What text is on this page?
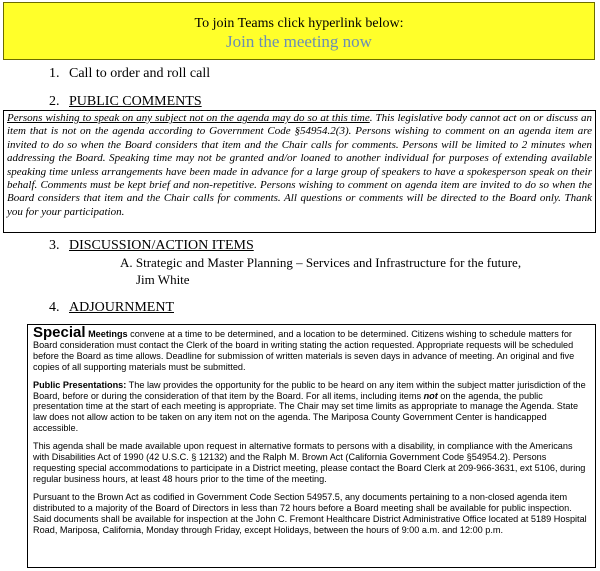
To join Teams click hyperlink below:
Join the meeting now
1. Call to order and roll call
2. PUBLIC COMMENTS
Persons wishing to speak on any subject not on the agenda may do so at this time. This legislative body cannot act on or discuss an item that is not on the agenda according to Government Code §54954.2(3). Persons wishing to comment on an agenda item are invited to do so when the Board considers that item and the Chair calls for comments. Persons will be limited to 2 minutes when addressing the Board. Speaking time may not be granted and/or loaned to another individual for purposes of extending available speaking time unless arrangements have been made in advance for a large group of speakers to have a spokesperson speak on their behalf. Comments must be kept brief and non-repetitive. Persons wishing to comment on agenda item are invited to do so when the Board considers that item and the Chair calls for comments. All questions or comments will be directed to the Board only. Thank you for your participation.
3. DISCUSSION/ACTION ITEMS
A. Strategic and Master Planning – Services and Infrastructure for the future,
Jim White
4. ADJOURNMENT

Special Meetings convene at a time to be determined, and a location to be determined. Citizens wishing to schedule matters for Board consideration must contact the Clerk of the board in writing stating the action requested. Appropriate requests will be scheduled before the Board as time allows. Deadline for submission of written materials is seven days in advance of meeting. An original and five copies of all supporting materials must be submitted.

Public Presentations: The law provides the opportunity for the public to be heard on any item within the subject matter jurisdiction of the Board, before or during the consideration of that item by the Board. For all items, including items not on the agenda, the public presentation time at the start of each meeting is appropriate. The Chair may set time limits as appropriate to manage the Agenda. State law does not allow action to be taken on any item not on the agenda. The Mariposa County Government Center is handicapped accessible.

This agenda shall be made available upon request in alternative formats to persons with a disability, in compliance with the Americans with Disabilities Act of 1990 (42 U.S.C. § 12132) and the Ralph M. Brown Act (California Government Code §54954.2). Persons requesting special accommodations to participate in a District meeting, please contact the Board Clerk at 209-966-3631, ext 5106, during regular business hours, at least 48 hours prior to the time of the meeting.

Pursuant to the Brown Act as codified in Government Code Section 54957.5, any documents pertaining to a non-closed agenda item distributed to a majority of the Board of Directors in less than 72 hours before a Board meeting shall be available for public inspection. Said documents shall be available for inspection at the John C. Fremont Healthcare District Administrative Office located at 5189 Hospital Road, Mariposa, California, Monday through Friday, except Holidays, between the hours of 9:00 a.m. and 12:00 p.m.
